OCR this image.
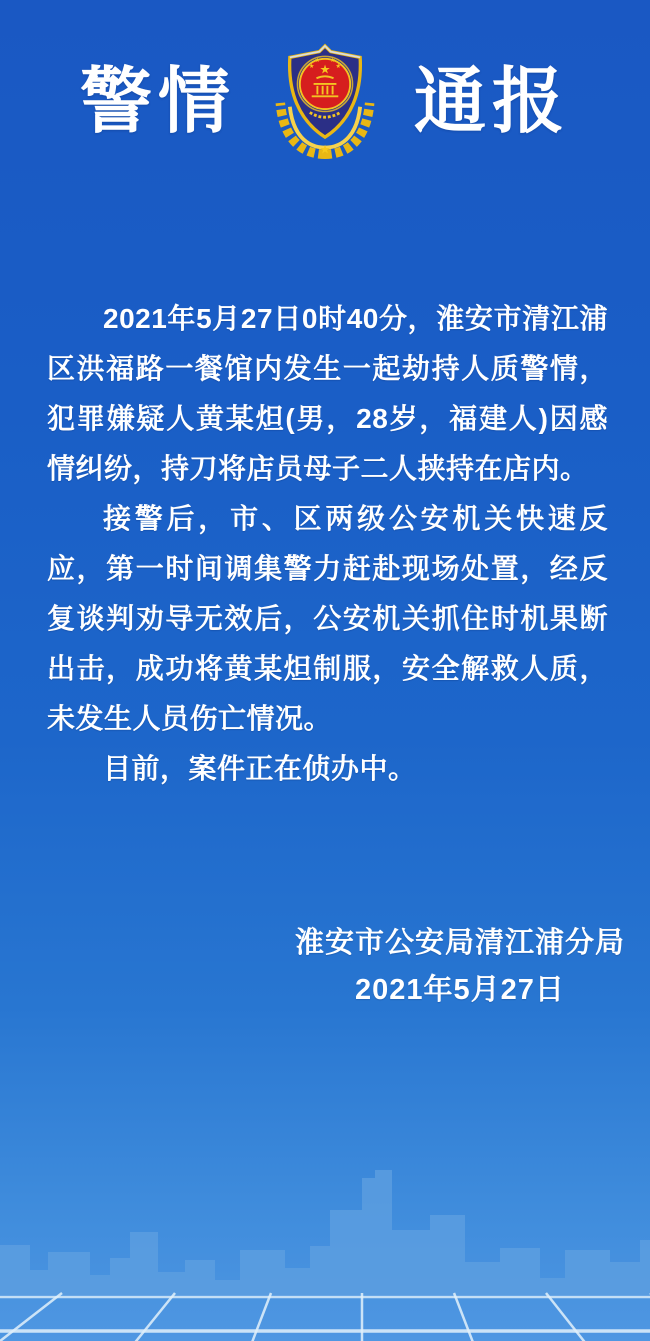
警情	★
★
★ ★
★
★
通报

2021年5月27日0时40分，淮安市清江浦区洪福路一餐馆内发生一起劫持人质警情，犯罪嫌疑人黄某炟(男，28岁，福建人)因感情纠纷，持刀将店员母子二人挟持在店内。

接警后，市、区两级公安机关快速反应，第一时间调集警力赶赴现场处置，经反复谈判劝导无效后，公安机关抓住时机果断出击，成功将黄某炟制服，安全解救人质，未发生人员伤亡情况。

目前，案件正在侦办中。

淮安市公安局清江浦分局
2021年5月27日
